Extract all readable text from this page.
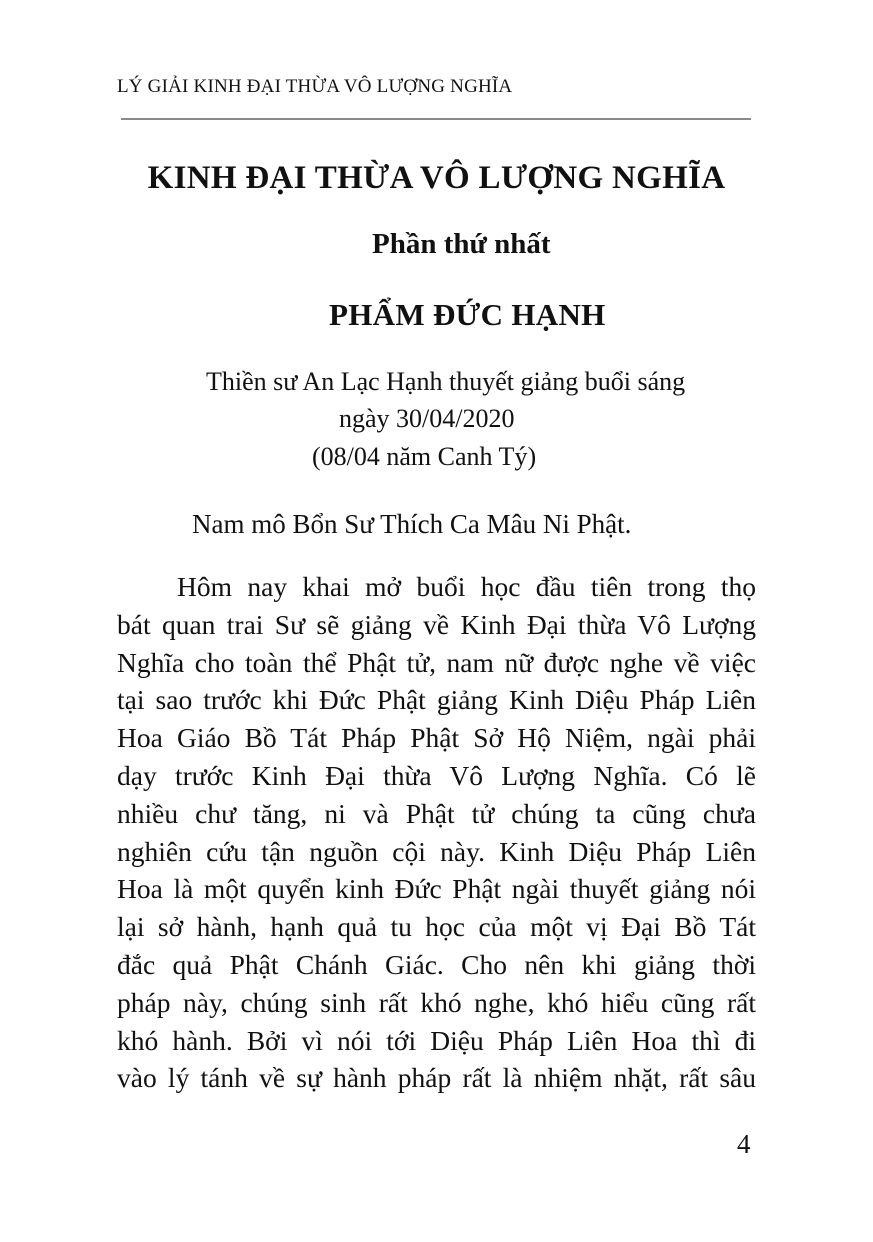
LÝ GIẢI KINH ĐẠI THỪA VÔ LƯỢNG NGHĨA
KINH ĐẠI THỪA VÔ LƯỢNG NGHĨA
Phần thứ nhất
PHẨM ĐỨC HẠNH
Thiền sư An Lạc Hạnh thuyết giảng buổi sáng
ngày 30/04/2020
(08/04 năm Canh Tý)
Nam mô Bổn Sư Thích Ca Mâu Ni Phật.
Hôm nay khai mở buổi học đầu tiên trong thọ
bát quan trai Sư sẽ giảng về Kinh Đại thừa Vô Lượng
Nghĩa cho toàn thể Phật tử, nam nữ được nghe về việc
tại sao trước khi Đức Phật giảng Kinh Diệu Pháp Liên
Hoa Giáo Bồ Tát Pháp Phật Sở Hộ Niệm, ngài phải
dạy trước Kinh Đại thừa Vô Lượng Nghĩa. Có lẽ
nhiều chư tăng, ni và Phật tử chúng ta cũng chưa
nghiên cứu tận nguồn cội này. Kinh Diệu Pháp Liên
Hoa là một quyển kinh Đức Phật ngài thuyết giảng nói
lại sở hành, hạnh quả tu học của một vị Đại Bồ Tát
đắc quả Phật Chánh Giác. Cho nên khi giảng thời
pháp này, chúng sinh rất khó nghe, khó hiểu cũng rất
khó hành. Bởi vì nói tới Diệu Pháp Liên Hoa thì đi
vào lý tánh về sự hành pháp rất là nhiệm nhặt, rất sâu
4
